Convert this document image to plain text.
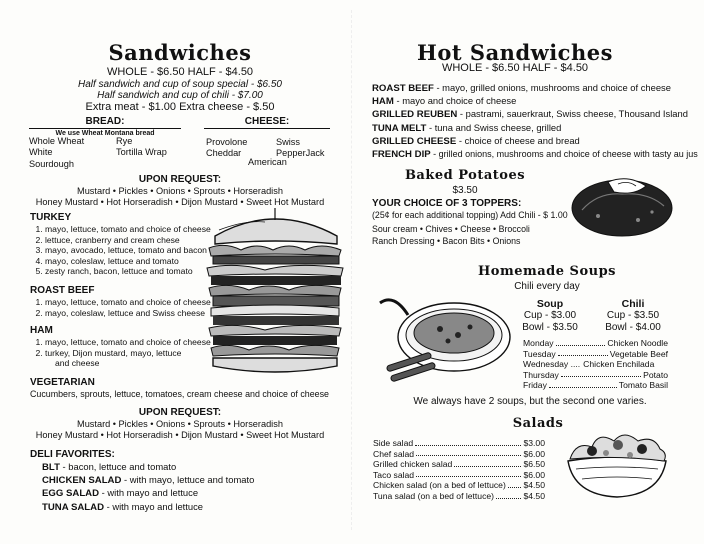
Sandwiches
WHOLE - $6.50 HALF - $4.50
Half sandwich and cup of soup special - $6.50
Half sandwich and cup of chili - $7.00
Extra meat - $1.00 Extra cheese - $.50
BREAD:
We use Wheat Montana bread
Whole Wheat
White
Sourdough
Rye
Tortilla Wrap
CHEESE:
Provolone
Cheddar
Swiss
PepperJack
American
UPON REQUEST:
Mustard • Pickles • Onions • Sprouts • Horseradish
Honey Mustard • Hot Horseradish • Dijon Mustard • Sweet Hot Mustard
TURKEY
1. mayo, lettuce, tomato and choice of cheese
2. lettuce, cranberry and cream chese
3. mayo, avocado, lettuce, tomato and bacon
4. mayo, coleslaw, lettuce and tomato
5. zesty ranch, bacon, lettuce and tomato
ROAST BEEF
1. mayo, lettuce, tomato and choice of cheese
2. mayo, coleslaw, lettuce and Swiss cheese
HAM
1. mayo, lettuce, tomato and choice of cheese
2. turkey, Dijon mustard, mayo, lettuce
and cheese
VEGETARIAN
Cucumbers, sprouts, lettuce, tomatoes, cream cheese and choice of cheese
UPON REQUEST:
Mustard • Pickles • Onions • Sprouts • Horseradish
Honey Mustard • Hot Horseradish • Dijon Mustard • Sweet Hot Mustard
DELI FAVORITES:
BLT - bacon, lettuce and tomato
CHICKEN SALAD - with mayo, lettuce and tomato
EGG SALAD - with mayo and lettuce
TUNA SALAD - with mayo and lettuce
Hot Sandwiches
WHOLE - $6.50 HALF - $4.50
ROAST BEEF - mayo, grilled onions, mushrooms and choice of cheese
HAM - mayo and choice of cheese
GRILLED REUBEN - pastrami, sauerkraut, Swiss cheese, Thousand Island
TUNA MELT - tuna and Swiss cheese, grilled
GRILLED CHEESE - choice of cheese and bread
FRENCH DIP - grilled onions, mushrooms and choice of cheese with tasty au jus
Baked Potatoes
$3.50
YOUR CHOICE OF 3 TOPPERS:
(25¢ for each additional topping) Add Chili - $ 1.00
Sour cream • Chives • Cheese • Broccoli
Ranch Dressing • Bacon Bits • Onions
Homemade Soups
Chili every day
Soup
Cup - $3.00
Bowl - $3.50
Chili
Cup - $3.50
Bowl - $4.00
Monday	Chicken Noodle
Tuesday	Vegetable Beef
Wednesday .... Chicken Enchilada
Thursday	Potato
Friday	Tomato Basil
We always have 2 soups, but the second one varies.
Salads
Side salad	$3.00
Chef salad	$6.00
Grilled chicken salad	$6.50
Taco salad	$6.00
Chicken salad (on a bed of lettuce) $4.50
Tuna salad (on a bed of lettuce)	$4.50
